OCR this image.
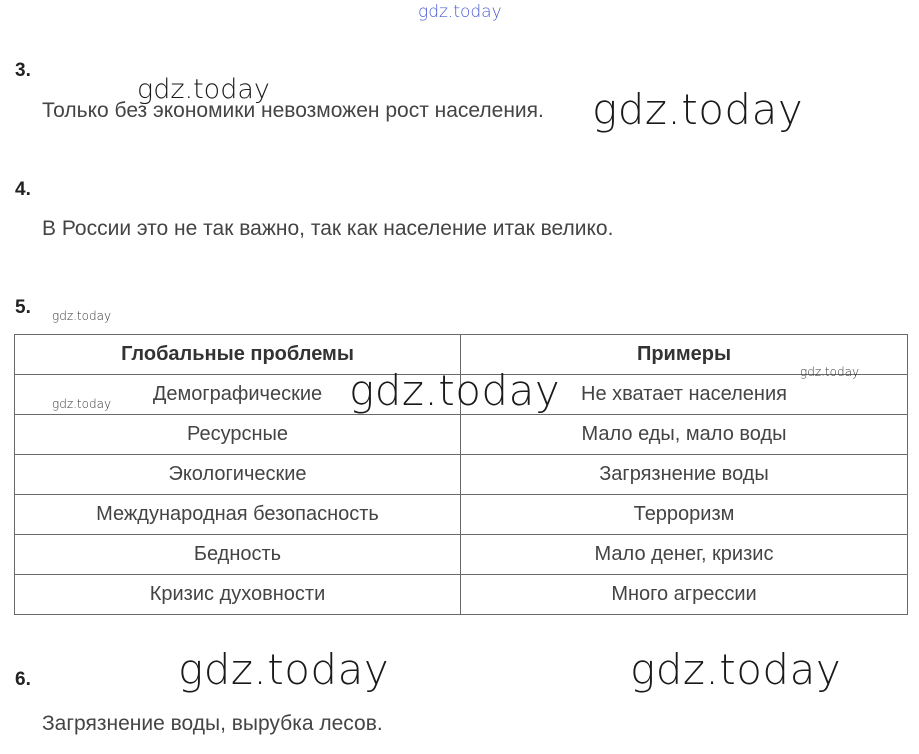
gdz.today
3.
gdz.today
Только без экономики невозможен рост населения. gdz.today
4.
В России это не так важно, так как население итак велико.
5. gdz.today
Глобальные проблемы	Примеры
Демографические	Не хватает населения
Ресурсные	Мало еды, мало воды
Экологические	Загрязнение воды
Международная безопасность	Терроризм
Бедность	Мало денег, кризис
Кризис духовности	Много агрессии
gdz.today
gdz.today
gdz.today
gdz.today	gdz.today
6.
Загрязнение воды, вырубка лесов.
